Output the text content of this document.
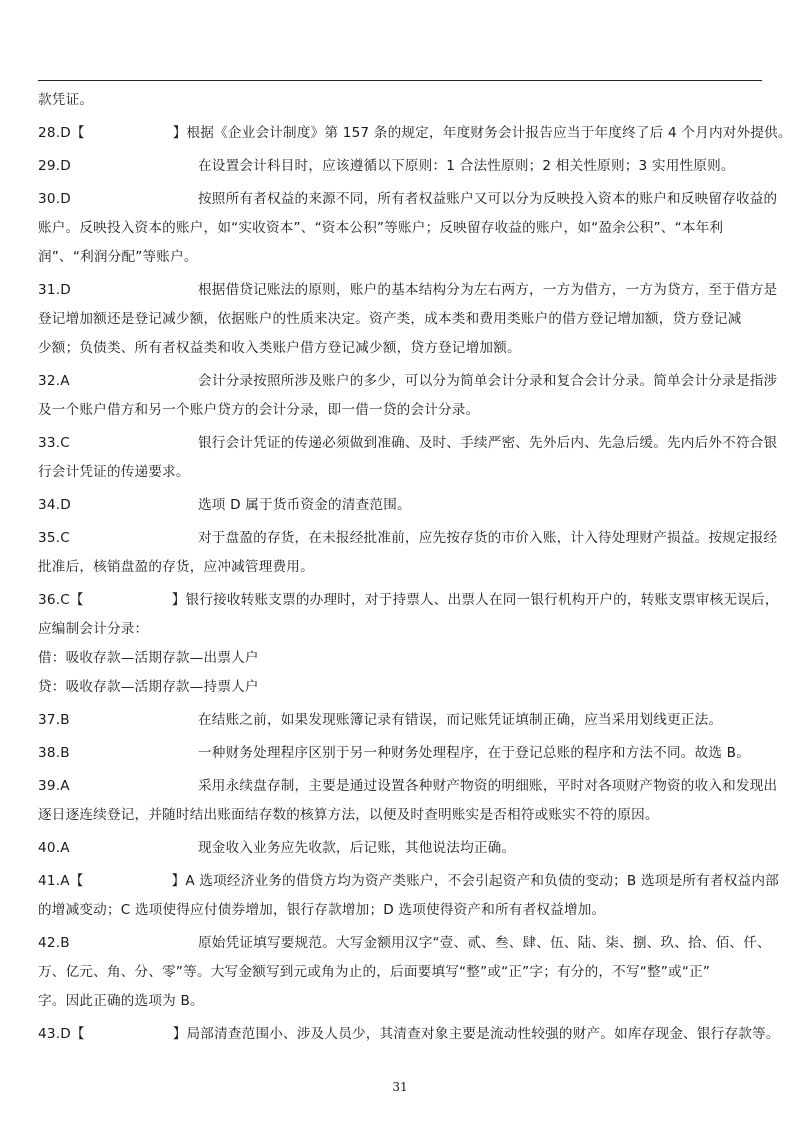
款凭证。
28.D【	】根据《企业会计制度》第 157 条的规定，年度财务会计报告应当于年度终了后 4 个月内对外提供。
29.D	在设置会计科目时，应该遵循以下原则：1 合法性原则；2 相关性原则；3 实用性原则。
30.D	按照所有者权益的来源不同，所有者权益账户又可以分为反映投入资本的账户和反映留存收益的
账户。反映投入资本的账户，如“实收资本”、“资本公积”等账户；反映留存收益的账户，如“盈余公积”、“本年利
润”、“利润分配”等账户。
31.D	根据借贷记账法的原则，账户的基本结构分为左右两方，一方为借方，一方为贷方，至于借方是
登记增加额还是登记减少额，依据账户的性质来决定。资产类，成本类和费用类账户的借方登记增加额，贷方登记减
少额；负债类、所有者权益类和收入类账户借方登记减少额，贷方登记增加额。
32.A	会计分录按照所涉及账户的多少，可以分为简单会计分录和复合会计分录。简单会计分录是指涉
及一个账户借方和另一个账户贷方的会计分录，即一借一贷的会计分录。
33.C	银行会计凭证的传递必须做到准确、及时、手续严密、先外后内、先急后缓。先内后外不符合银
行会计凭证的传递要求。
34.D	选项 D 属于货币资金的清查范围。
35.C	对于盘盈的存货，在未报经批准前，应先按存货的市价入账，计入待处理财产损益。按规定报经
批准后，核销盘盈的存货，应冲减管理费用。
36.C【	】银行接收转账支票的办理时，对于持票人、出票人在同一银行机构开户的，转账支票审核无误后，
应编制会计分录：
借：吸收存款—活期存款—出票人户
贷：吸收存款—活期存款—持票人户
37.B	在结账之前，如果发现账簿记录有错误，而记账凭证填制正确，应当采用划线更正法。
38.B	一种财务处理程序区别于另一种财务处理程序，在于登记总账的程序和方法不同。故选 B。
39.A	采用永续盘存制，主要是通过设置各种财产物资的明细账，平时对各项财产物资的收入和发现出
逐日逐连续登记，并随时结出账面结存数的核算方法，以便及时查明账实是否相符或账实不符的原因。
40.A	现金收入业务应先收款，后记账，其他说法均正确。
41.A【	】A 选项经济业务的借贷方均为资产类账户，不会引起资产和负债的变动；B 选项是所有者权益内部
的增减变动；C 选项使得应付债券增加，银行存款增加；D 选项使得资产和所有者权益增加。
42.B	原始凭证填写要规范。大写金额用汉字“壹、贰、叁、肆、伍、陆、柒、捌、玖、拾、佰、仟、
万、亿元、角、分、零”等。大写金额写到元或角为止的，后面要填写“整”或“正”字；有分的，不写“整”或“正”
字。因此正确的选项为 B。
43.D【	】局部清查范围小、涉及人员少，其清查对象主要是流动性较强的财产。如库存现金、银行存款等。
31
